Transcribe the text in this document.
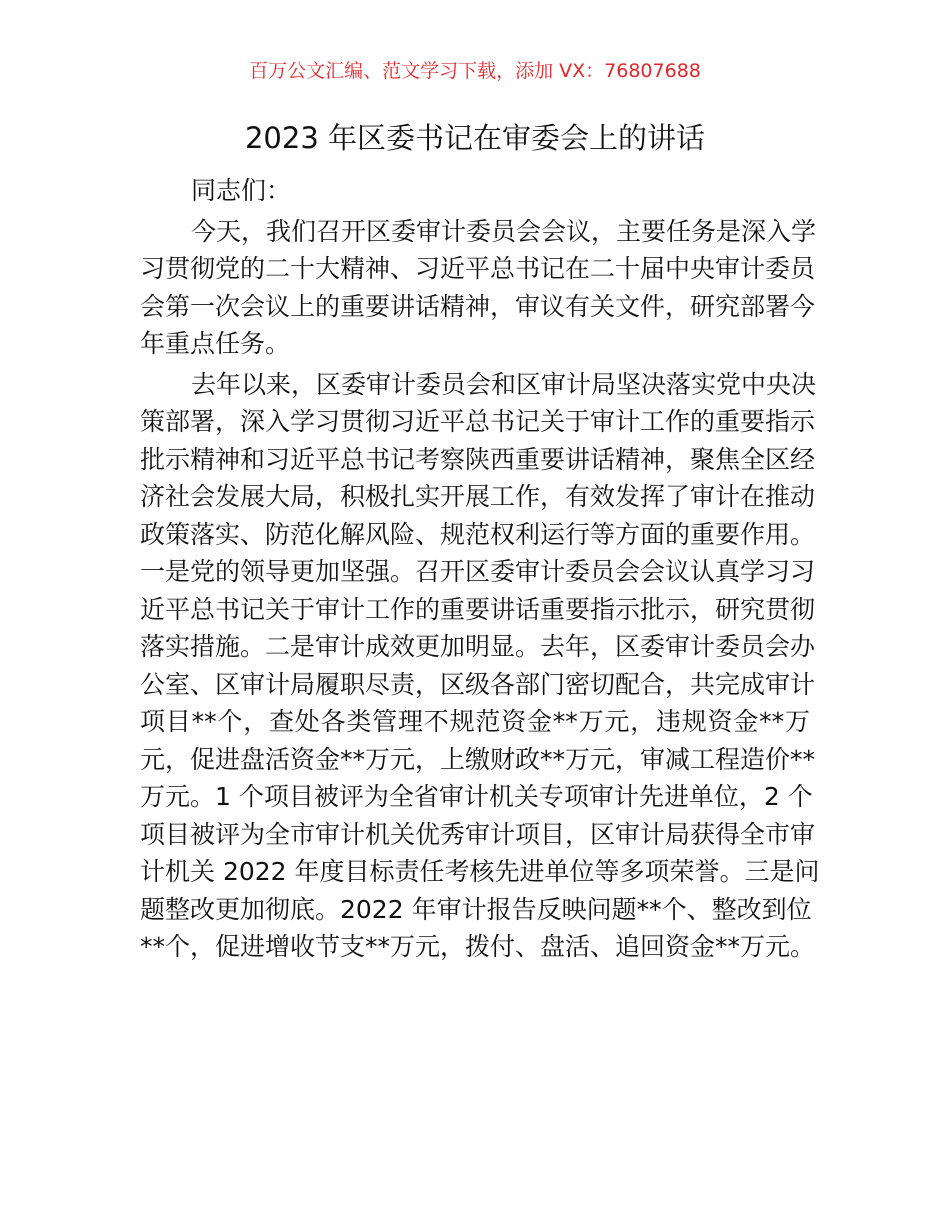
百万公文汇编、范文学习下载，添加 VX：76807688
2023 年区委书记在审委会上的讲话
同志们：
今天，我们召开区委审计委员会会议，主要任务是深入学
习贯彻党的二十大精神、习近平总书记在二十届中央审计委员
会第一次会议上的重要讲话精神，审议有关文件，研究部署今
年重点任务。
去年以来，区委审计委员会和区审计局坚决落实党中央决
策部署，深入学习贯彻习近平总书记关于审计工作的重要指示
批示精神和习近平总书记考察陕西重要讲话精神，聚焦全区经
济社会发展大局，积极扎实开展工作，有效发挥了审计在推动
政策落实、防范化解风险、规范权利运行等方面的重要作用。
一是党的领导更加坚强。召开区委审计委员会会议认真学习习
近平总书记关于审计工作的重要讲话重要指示批示，研究贯彻
落实措施。二是审计成效更加明显。去年，区委审计委员会办
公室、区审计局履职尽责，区级各部门密切配合，共完成审计
项目**个，查处各类管理不规范资金**万元，违规资金**万
元，促进盘活资金**万元，上缴财政**万元，审减工程造价**
万元。1 个项目被评为全省审计机关专项审计先进单位，2 个
项目被评为全市审计机关优秀审计项目，区审计局获得全市审
计机关 2022 年度目标责任考核先进单位等多项荣誉。三是问
题整改更加彻底。2022 年审计报告反映问题**个、整改到位
**个，促进增收节支**万元，拨付、盘活、追回资金**万元。
